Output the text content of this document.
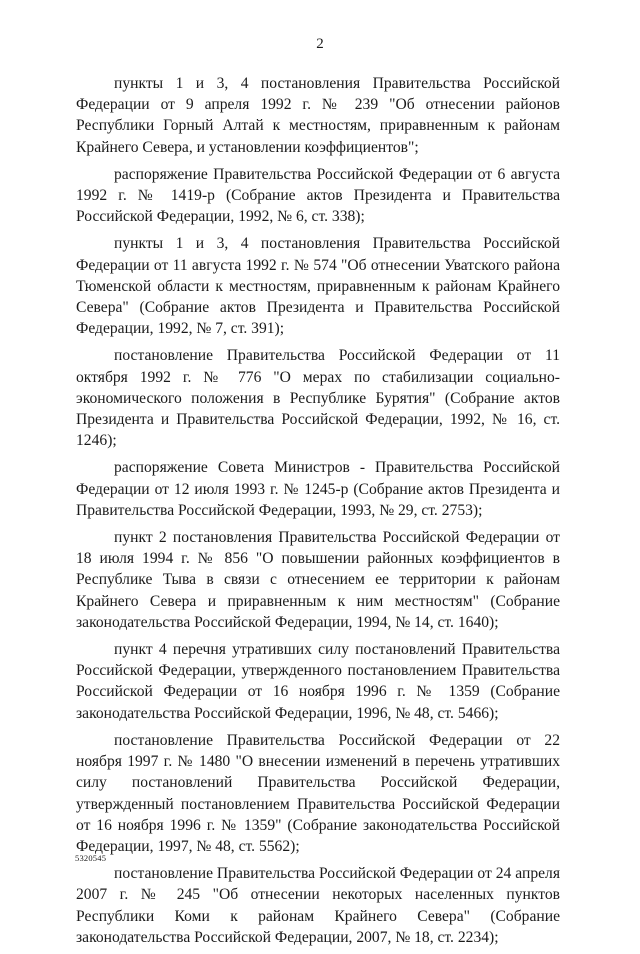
2

пункты 1 и 3, 4 постановления Правительства Российской Федерации от 9 апреля 1992 г. № 239 "Об отнесении районов Республики Горный Алтай к местностям, приравненным к районам Крайнего Севера, и установлении коэффициентов";

распоряжение Правительства Российской Федерации от 6 августа 1992 г. № 1419-р (Собрание актов Президента и Правительства Российской Федерации, 1992, № 6, ст. 338);

пункты 1 и 3, 4 постановления Правительства Российской Федерации от 11 августа 1992 г. № 574 "Об отнесении Уватского района Тюменской области к местностям, приравненным к районам Крайнего Севера" (Собрание актов Президента и Правительства Российской Федерации, 1992, № 7, ст. 391);

постановление Правительства Российской Федерации от 11 октября 1992 г. № 776 "О мерах по стабилизации социально-экономического положения в Республике Бурятия" (Собрание актов Президента и Правительства Российской Федерации, 1992, № 16, ст. 1246);

распоряжение Совета Министров - Правительства Российской Федерации от 12 июля 1993 г. № 1245-р (Собрание актов Президента и Правительства Российской Федерации, 1993, № 29, ст. 2753);

пункт 2 постановления Правительства Российской Федерации от 18 июля 1994 г. № 856 "О повышении районных коэффициентов в Республике Тыва в связи с отнесением ее территории к районам Крайнего Севера и приравненным к ним местностям" (Собрание законодательства Российской Федерации, 1994, № 14, ст. 1640);

пункт 4 перечня утративших силу постановлений Правительства Российской Федерации, утвержденного постановлением Правительства Российской Федерации от 16 ноября 1996 г. № 1359 (Собрание законодательства Российской Федерации, 1996, № 48, ст. 5466);

постановление Правительства Российской Федерации от 22 ноября 1997 г. № 1480 "О внесении изменений в перечень утративших силу постановлений Правительства Российской Федерации, утвержденный постановлением Правительства Российской Федерации от 16 ноября 1996 г. № 1359" (Собрание законодательства Российской Федерации, 1997, № 48, ст. 5562);

постановление Правительства Российской Федерации от 24 апреля 2007 г. № 245 "Об отнесении некоторых населенных пунктов Республики Коми к районам Крайнего Севера" (Собрание законодательства Российской Федерации, 2007, № 18, ст. 2234);

5320545
